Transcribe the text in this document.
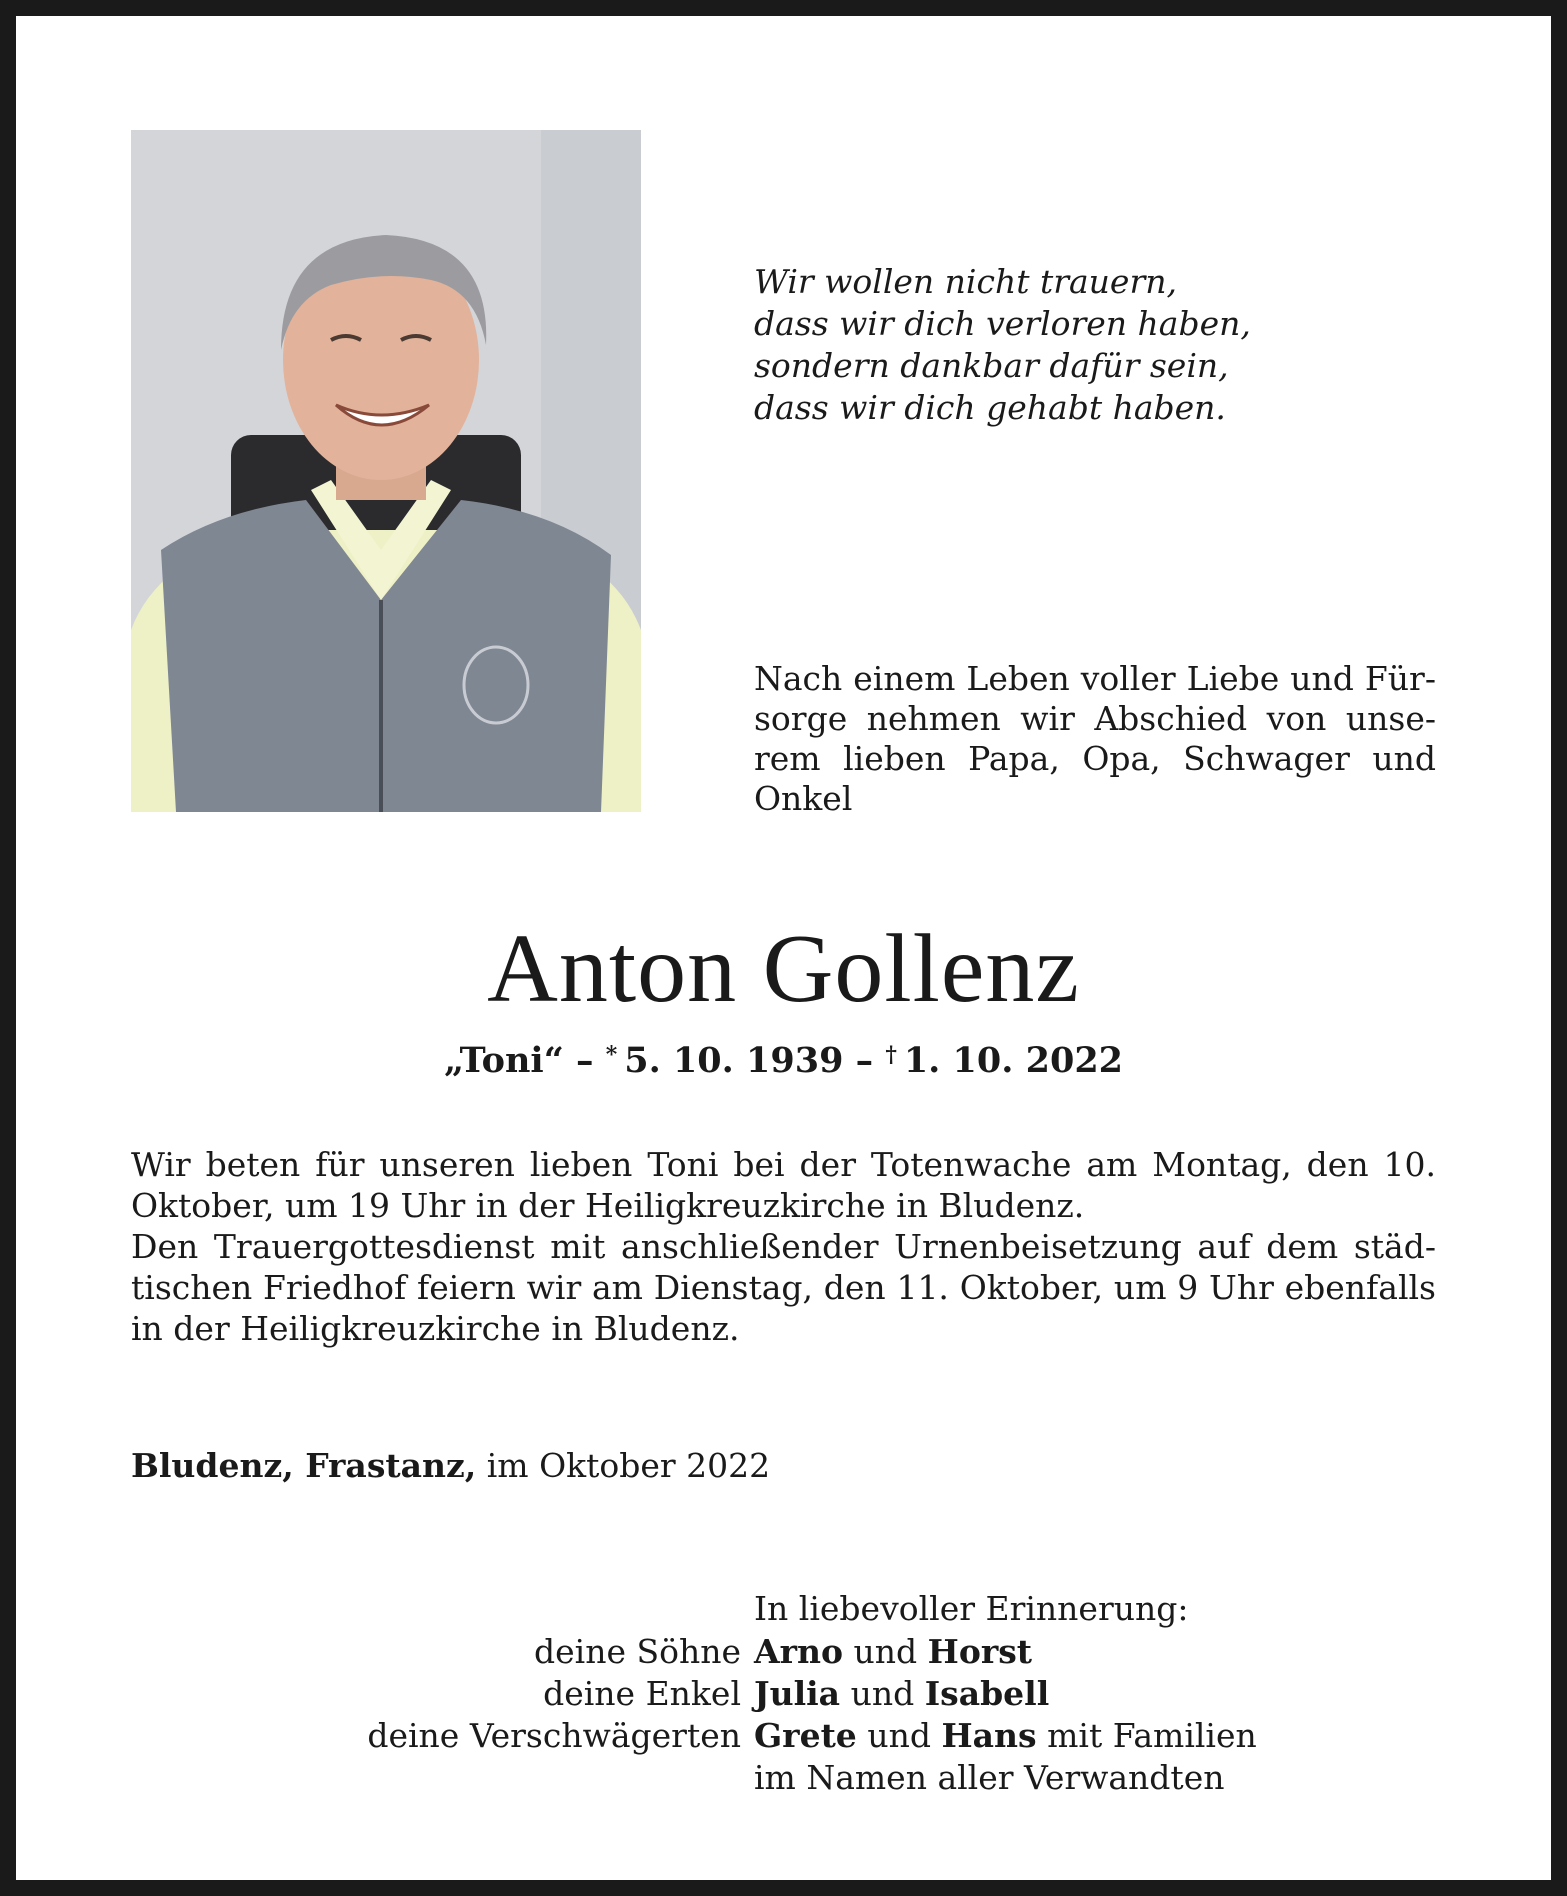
Wir wollen nicht trauern,
dass wir dich verloren haben,
sondern dankbar dafür sein,
dass wir dich gehabt haben.
Nach einem Leben voller Liebe und Fürsorge nehmen wir Abschied von unserem lieben Papa, Opa, Schwager und Onkel
Anton Gollenz
„Toni“ – *  5. 10. 1939 – †  1. 10. 2022

Wir beten für unseren lieben Toni bei der Totenwache am Montag, den 10. Oktober, um 19 Uhr in der Heiligkreuzkirche in Bludenz.

Den Trauergottesdienst mit anschließender Urnenbeisetzung auf dem städtischen Friedhof feiern wir am Dienstag, den 11. Oktober, um 9 Uhr ebenfalls in der Heiligkreuzkirche in Bludenz.

Bludenz, Frastanz, im Oktober 2022
In liebevoller Erinnerung:
deine Söhne Arno und Horst
deine Enkel Julia und Isabell
deine Verschwägerten Grete und Hans mit Familien
im Namen aller Verwandten
